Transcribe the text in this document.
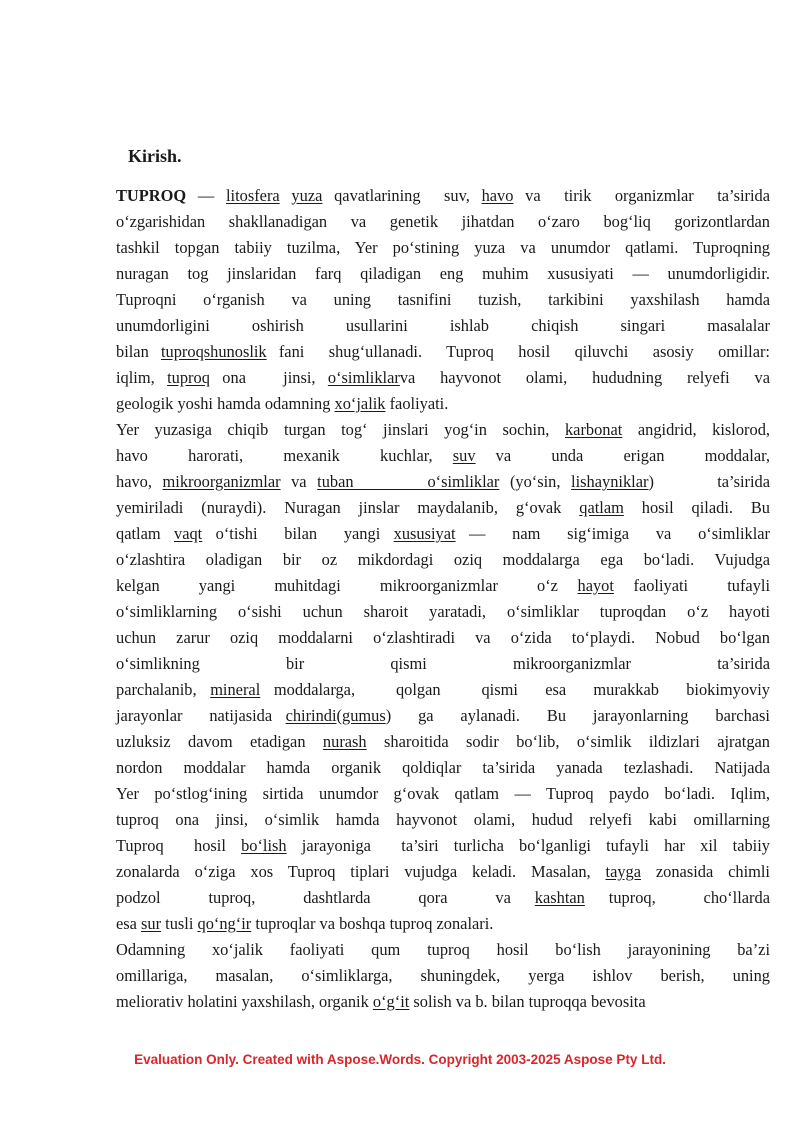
Kirish.

TUPROQ — litosfera yuza qavatlarining  suv, havo va  tirik  organizmlar  ta’sirida
o‘zgarishidan  shakllanadigan  va  genetik  jihatdan  o‘zaro  bog‘liq  gorizontlardan
tashkil topgan tabiiy tuzilma, Yer po‘stining yuza va unumdor qatlami. Tuproqning
nuragan tog jinslaridan farq qiladigan eng muhim xususiyati — unumdorligidir.
Tuproqni  o‘rganish  va  uning  tasnifini  tuzish,  tarkibini  yaxshilash  hamda
unumdorligini  oshirish  usullarini  ishlab  chiqish  singari  masalalar
bilan tuproqshunoslik fani  shug‘ullanadi.  Tuproq  hosil  qiluvchi  asosiy  omillar:
iqlim, tuproq ona   jinsi, o‘simliklarva  hayvonot  olami,  hududning  relyefi  va
geologik yoshi hamda odamning xo‘jalik faoliyati.

Yer yuzasiga chiqib turgan tog‘ jinslari yog‘in sochin, karbonat angidrid, kislorod,
havo  harorati,  mexanik  kuchlar, suv va  unda  erigan  moddalar,
havo, mikroorganizmlar va tuban       o‘simliklar (yo‘sin, lishayniklar)      ta’sirida
yemiriladi (nuraydi). Nuragan jinslar maydalanib, g‘ovak qatlam hosil qiladi. Bu
qatlam vaqt o‘tishi  bilan  yangi xususiyat —  nam  sig‘imiga  va  o‘simliklar
o‘zlashtira oladigan bir oz mikdordagi oziq moddalarga ega bo‘ladi. Vujudga
kelgan  yangi  muhitdagi  mikroorganizmlar  o‘z hayot faoliyati  tufayli
o‘simliklarning o‘sishi uchun sharoit yaratadi, o‘simliklar tuproqdan o‘z hayoti
uchun zarur oziq moddalarni o‘zlashtiradi va o‘zida to‘playdi. Nobud bo‘lgan
o‘simlikning  bir  qismi  mikroorganizmlar  ta’sirida
parchalanib, mineral moddalarga,   qolgan   qismi  esa  murakkab  biokimyoviy
jarayonlar  natijasida chirindi(gumus)  ga  aylanadi.  Bu  jarayonlarning  barchasi
uzluksiz davom etadigan nurash sharoitida sodir bo‘lib, o‘simlik ildizlari ajratgan
nordon moddalar hamda organik qoldiqlar ta’sirida yanada tezlashadi. Natijada
Yer po‘stlog‘ining sirtida unumdor g‘ovak qatlam — Tuproq paydo bo‘ladi. Iqlim,
tuproq ona jinsi, o‘simlik hamda hayvonot olami, hudud relyefi kabi omillarning
Tuproq  hosil bo‘lish jarayoniga  ta’siri turlicha bo‘lganligi tufayli har xil tabiiy
zonalarda o‘ziga xos Tuproq tiplari vujudga keladi. Masalan, tayga zonasida chimli
podzol  tuproq,  dashtlarda  qora  va kashtan tuproq,  cho‘llarda
esa sur tusli qo‘ng‘ir tuproqlar va boshqa tuproq zonalari.

Odamning  xo‘jalik  faoliyati  qum  tuproq  hosil  bo‘lish  jarayonining  ba’zi
omillariga,  masalan,  o‘simliklarga,  shuningdek,  yerga  ishlov  berish,  uning
meliorativ holatini yaxshilash, organik o‘g‘it solish va b. bilan tuproqqa bevosita

Evaluation Only. Created with Aspose.Words. Copyright 2003-2025 Aspose Pty Ltd.
